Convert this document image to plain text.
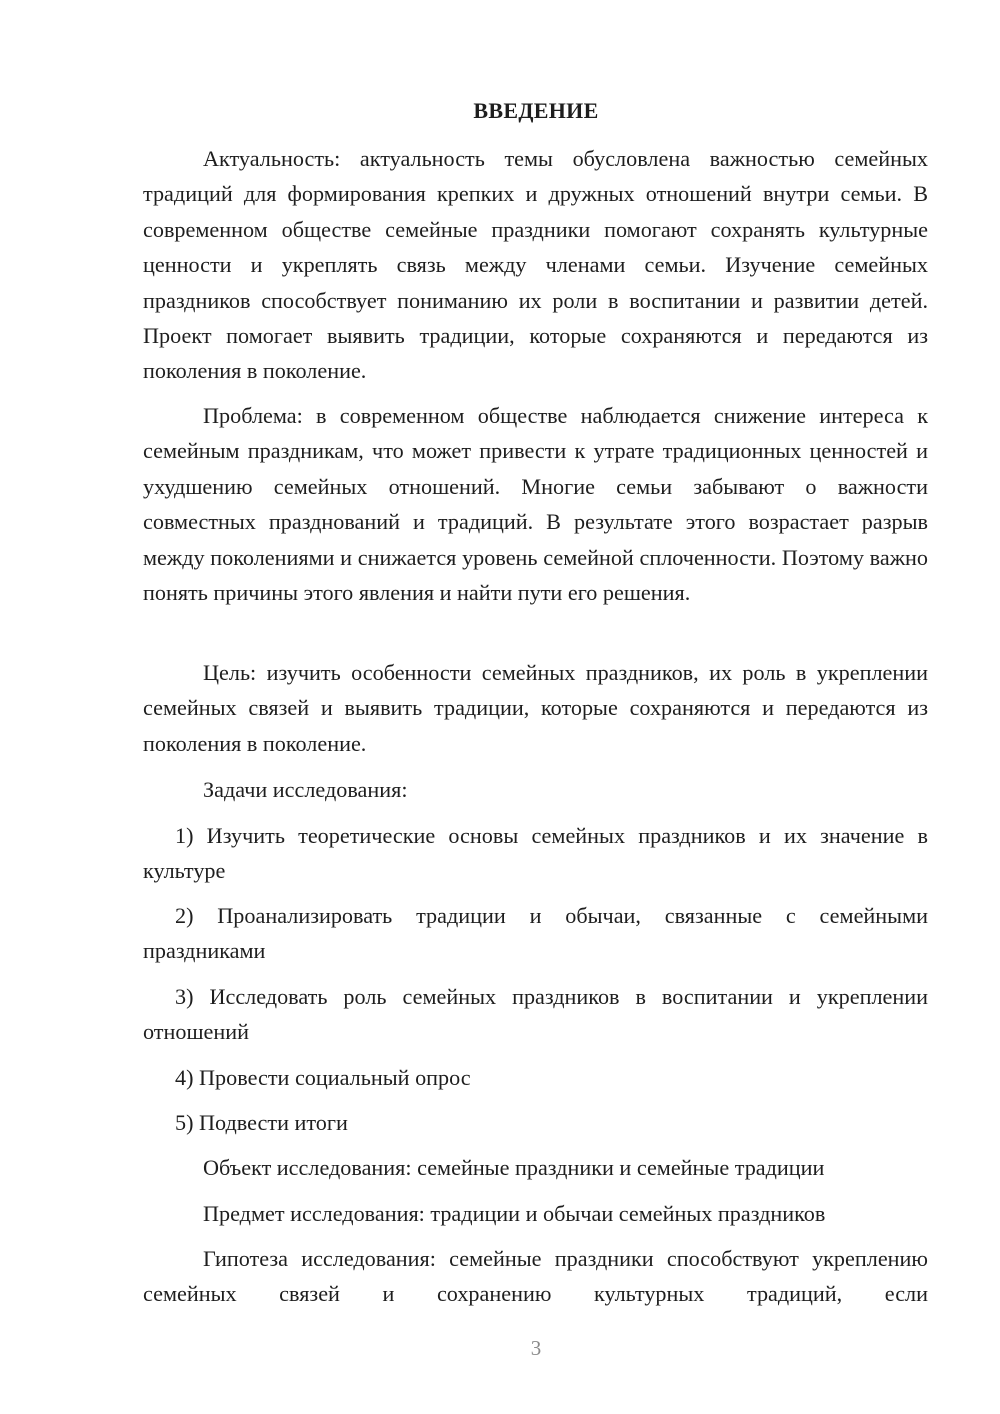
ВВЕДЕНИЕ

Актуальность: актуальность темы обусловлена важностью семейных традиций для формирования крепких и дружных отношений внутри семьи. В современном обществе семейные праздники помогают сохранять культурные ценности и укреплять связь между членами семьи. Изучение семейных праздников способствует пониманию их роли в воспитании и развитии детей. Проект помогает выявить традиции, которые сохраняются и передаются из поколения в поколение.

Проблема: в современном обществе наблюдается снижение интереса к семейным праздникам, что может привести к утрате традиционных ценностей и ухудшению семейных отношений. Многие семьи забывают о важности совместных празднований и традиций. В результате этого возрастает разрыв между поколениями и снижается уровень семейной сплоченности. Поэтому важно понять причины этого явления и найти пути его решения.

Цель: изучить особенности семейных праздников, их роль в укреплении семейных связей и выявить традиции, которые сохраняются и передаются из поколения в поколение.

Задачи исследования:

1) Изучить теоретические основы семейных праздников и их значение в культуре

2) Проанализировать традиции и обычаи, связанные с семейными праздниками

3) Исследовать роль семейных праздников в воспитании и укреплении отношений

4) Провести социальный опрос

5) Подвести итоги

Объект исследования: семейные праздники и семейные традиции

Предмет исследования: традиции и обычаи семейных праздников

Гипотеза исследования: семейные праздники способствуют укреплению семейных связей и сохранению культурных традиций, если

3
